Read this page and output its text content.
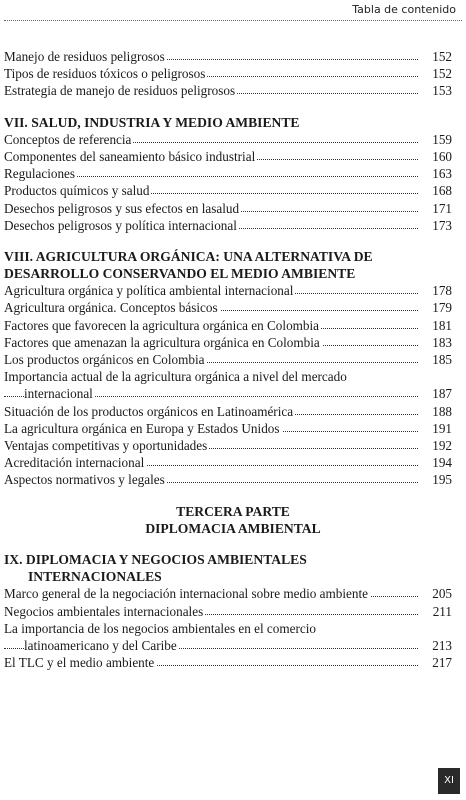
Tabla de contenido
Manejo de residuos peligrosos	152
Tipos de residuos tóxicos o peligrosos	152
Estrategia de manejo de residuos peligrosos	153
VII. SALUD, INDUSTRIA Y MEDIO AMBIENTE
Conceptos de referencia	159
Componentes del saneamiento básico industrial	160
Regulaciones	163
Productos químicos y salud	168
Desechos peligrosos y sus efectos en lasalud	171
Desechos peligrosos y política internacional	173
VIII. AGRICULTURA ORGÁNICA: UNA ALTERNATIVA DE
DESARROLLO CONSERVANDO EL MEDIO AMBIENTE
Agricultura orgánica y política ambiental internacional	178
Agricultura orgánica. Conceptos básicos	179
Factores que favorecen la agricultura orgánica en Colombia	181
Factores que amenazan la agricultura orgánica en Colombia	183
Los productos orgánicos en Colombia	185
Importancia actual de la agricultura orgánica a nivel del mercado
internacional	187
Situación de los productos orgánicos en Latinoamérica	188
La agricultura orgánica en Europa y Estados Unidos	191
Ventajas competitivas y oportunidades	192
Acreditación internacional	194
Aspectos normativos y legales	195
TERCERA PARTE
DIPLOMACIA AMBIENTAL
IX. DIPLOMACIA Y NEGOCIOS AMBIENTALES
INTERNACIONALES
Marco general de la negociación internacional sobre medio ambiente	205
Negocios ambientales internacionales	211
La importancia de los negocios ambientales en el comercio
latinoamericano y del Caribe	213
El TLC y el medio ambiente	217
XI
